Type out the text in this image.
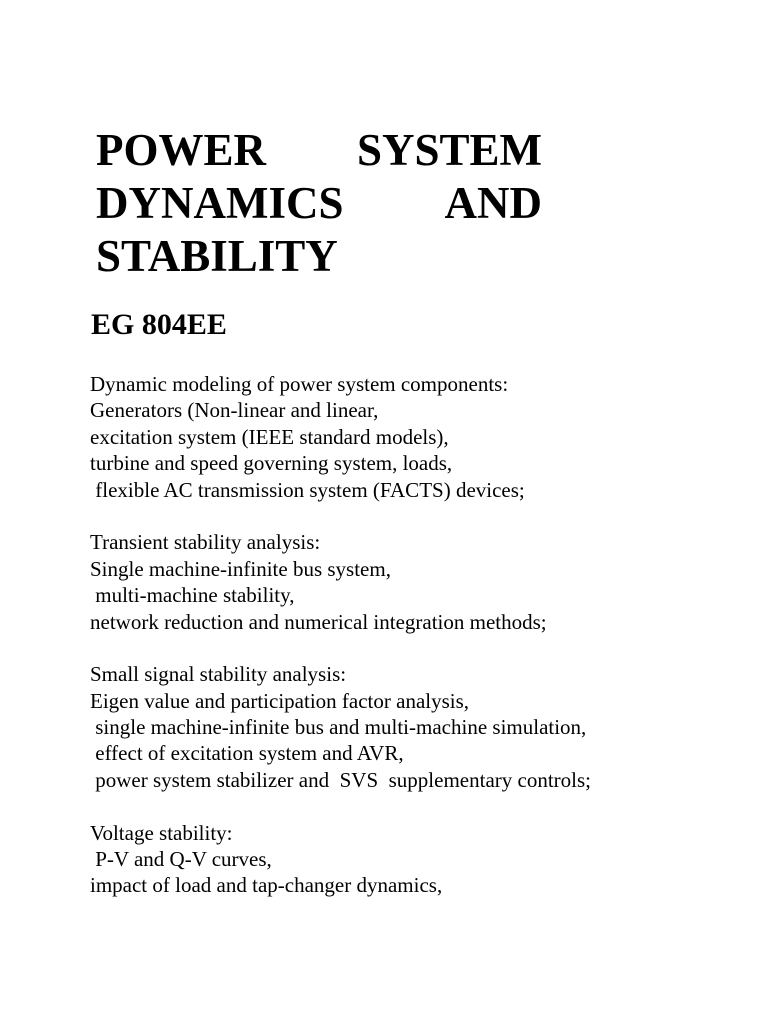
POWER SYSTEM
DYNAMICS AND
STABILITY
EG 804EE
Dynamic modeling of power system components:
Generators (Non-linear and linear,
excitation system (IEEE standard models),
turbine and speed governing system, loads,
flexible AC transmission system (FACTS) devices;
Transient stability analysis:
Single machine-infinite bus system,
multi-machine stability,
network reduction and numerical integration methods;
Small signal stability analysis:
Eigen value and participation factor analysis,
single machine-infinite bus and multi-machine simulation,
effect of excitation system and AVR,
power system stabilizer and  SVS  supplementary controls;
Voltage stability:
P-V and Q-V curves,
impact of load and tap-changer dynamics,
